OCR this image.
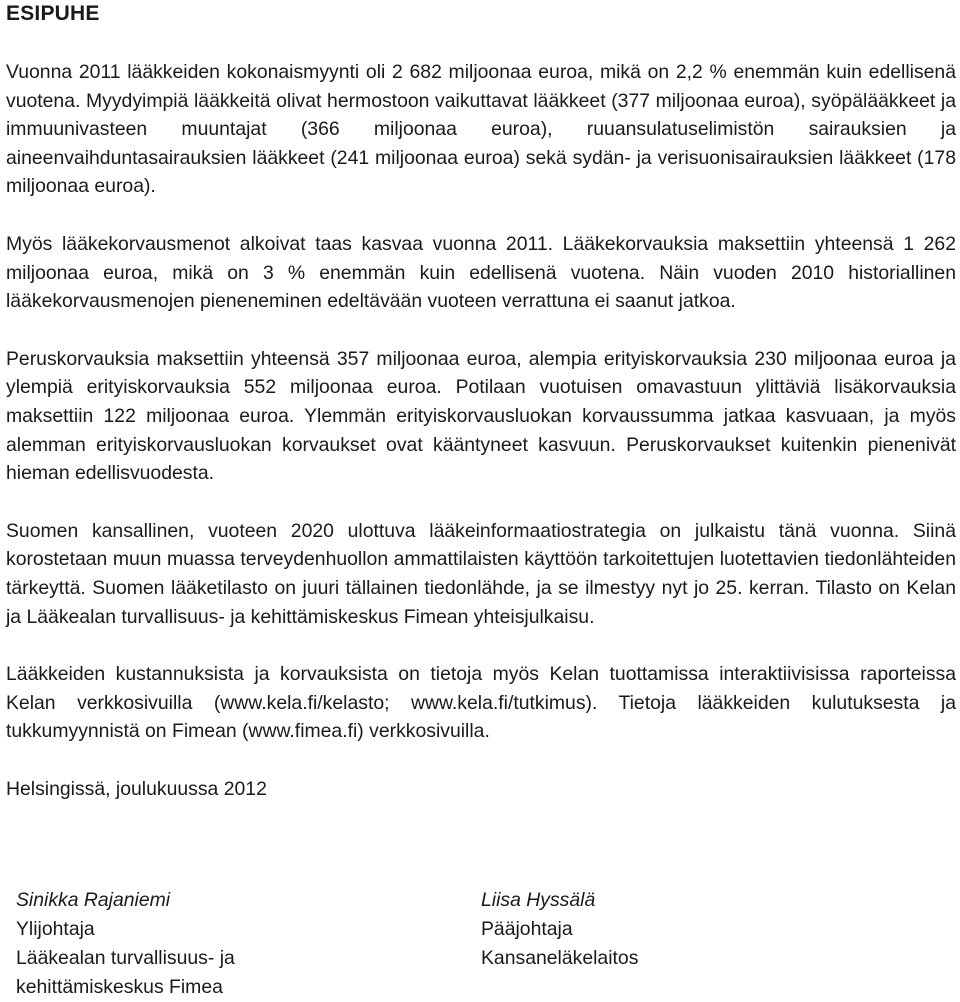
ESIPUHE

Vuonna 2011 lääkkeiden kokonaismyynti oli 2 682 miljoonaa euroa, mikä on 2,2 % enemmän kuin edellisenä vuotena. Myydyimpiä lääkkeitä olivat hermostoon vaikuttavat lääkkeet (377 miljoonaa euroa), syöpälääkkeet ja immuunivasteen muuntajat (366 miljoonaa euroa), ruuansulatuselimistön sairauksien ja aineenvaihduntasairauksien lääkkeet (241 miljoonaa euroa) sekä sydän- ja verisuonisairauksien lääkkeet (178 miljoonaa euroa).

Myös lääkekorvausmenot alkoivat taas kasvaa vuonna 2011. Lääkekorvauksia maksettiin yhteensä 1 262 miljoonaa euroa, mikä on 3 % enemmän kuin edellisenä vuotena. Näin vuoden 2010 historiallinen lääkekorvausmenojen pieneneminen edeltävään vuoteen verrattuna ei saanut jatkoa.

Peruskorvauksia maksettiin yhteensä 357 miljoonaa euroa, alempia erityiskorvauksia 230 miljoonaa euroa ja ylempiä erityiskorvauksia 552 miljoonaa euroa. Potilaan vuotuisen omavastuun ylittäviä lisäkorvauksia maksettiin 122 miljoonaa euroa. Ylemmän erityiskorvausluokan korvaussumma jatkaa kasvuaan, ja myös alemman erityiskorvausluokan korvaukset ovat kääntyneet kasvuun. Peruskorvaukset kuitenkin pienenivät hieman edellisvuodesta.

Suomen kansallinen, vuoteen 2020 ulottuva lääkeinformaatiostrategia on julkaistu tänä vuonna. Siinä korostetaan muun muassa terveydenhuollon ammattilaisten käyttöön tarkoitettujen luotettavien tiedonlähteiden tärkeyttä. Suomen lääketilasto on juuri tällainen tiedonlähde, ja se ilmestyy nyt jo 25. kerran. Tilasto on Kelan ja Lääkealan turvallisuus- ja kehittämiskeskus Fimean yhteisjulkaisu.

Lääkkeiden kustannuksista ja korvauksista on tietoja myös Kelan tuottamissa interaktiivisissa raporteissa Kelan verkkosivuilla (www.kela.fi/kelasto; www.kela.fi/tutkimus). Tietoja lääkkeiden kulutuksesta ja tukkumyynnistä on Fimean (www.fimea.fi) verkkosivuilla.

Helsingissä, joulukuussa 2012

Sinikka Rajaniemi
Ylijohtaja
Lääkealan turvallisuus- ja
kehittämiskeskus Fimea
Liisa Hyssälä
Pääjohtaja
Kansaneläkelaitos
